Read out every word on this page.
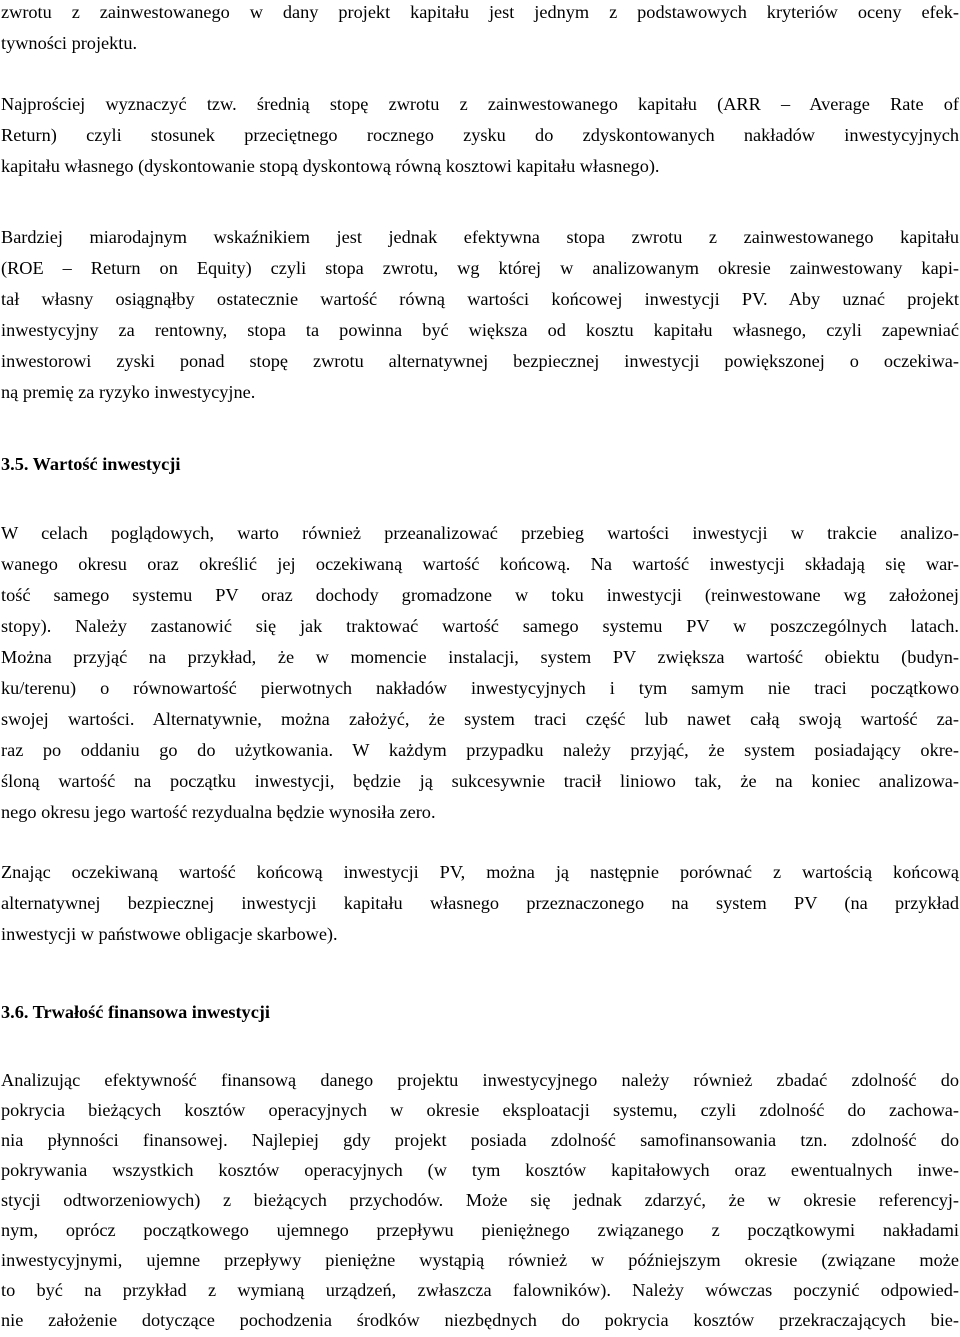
zwrotu z zainwestowanego w dany projekt kapitału jest jednym z podstawowych kryteriów oceny efek-
tywności projektu.
Najprościej wyznaczyć tzw. średnią stopę zwrotu z zainwestowanego kapitału (ARR – Average Rate of
Return) czyli stosunek przeciętnego rocznego zysku do zdyskontowanych nakładów inwestycyjnych
kapitału własnego (dyskontowanie stopą dyskontową równą kosztowi kapitału własnego).
Bardziej miarodajnym wskaźnikiem jest jednak efektywna stopa zwrotu z zainwestowanego kapitału
(ROE – Return on Equity) czyli stopa zwrotu, wg której w analizowanym okresie zainwestowany kapi-
tał własny osiągnąłby ostatecznie wartość równą wartości końcowej inwestycji PV. Aby uznać projekt
inwestycyjny za rentowny, stopa ta powinna być większa od kosztu kapitału własnego, czyli zapewniać
inwestorowi zyski ponad stopę zwrotu alternatywnej bezpiecznej inwestycji powiększonej o oczekiwa-
ną premię za ryzyko inwestycyjne.
3.5. Wartość inwestycji
W celach poglądowych, warto również przeanalizować przebieg wartości inwestycji w trakcie analizo-
wanego okresu oraz określić jej oczekiwaną wartość końcową. Na wartość inwestycji składają się war-
tość samego systemu PV oraz dochody gromadzone w toku inwestycji (reinwestowane wg założonej
stopy). Należy zastanowić się jak traktować wartość samego systemu PV w poszczególnych latach.
Można przyjąć na przykład, że w momencie instalacji, system PV zwiększa wartość obiektu (budyn-
ku/terenu) o równowartość pierwotnych nakładów inwestycyjnych i tym samym nie traci początkowo
swojej wartości. Alternatywnie, można założyć, że system traci część lub nawet całą swoją wartość za-
raz po oddaniu go do użytkowania. W każdym przypadku należy przyjąć, że system posiadający okre-
śloną wartość na początku inwestycji, będzie ją sukcesywnie tracił liniowo tak, że na koniec analizowa-
nego okresu jego wartość rezydualna będzie wynosiła zero.
Znając oczekiwaną wartość końcową inwestycji PV, można ją następnie porównać z wartością końcową
alternatywnej bezpiecznej inwestycji kapitału własnego przeznaczonego na system PV (na przykład
inwestycji w państwowe obligacje skarbowe).
3.6. Trwałość finansowa inwestycji
Analizując efektywność finansową danego projektu inwestycyjnego należy również zbadać zdolność do
pokrycia bieżących kosztów operacyjnych w okresie eksploatacji systemu, czyli zdolność do zachowa-
nia płynności finansowej. Najlepiej gdy projekt posiada zdolność samofinansowania tzn. zdolność do
pokrywania wszystkich kosztów operacyjnych (w tym kosztów kapitałowych oraz ewentualnych inwe-
stycji odtworzeniowych) z bieżących przychodów. Może się jednak zdarzyć, że w okresie referencyj-
nym, oprócz początkowego ujemnego przepływu pieniężnego związanego z początkowymi nakładami
inwestycyjnymi, ujemne przepływy pieniężne wystąpią również w późniejszym okresie (związane może
to być na przykład z wymianą urządzeń, zwłaszcza falowników). Należy wówczas poczynić odpowied-
nie założenie dotyczące pochodzenia środków niezbędnych do pokrycia kosztów przekraczających bie-
